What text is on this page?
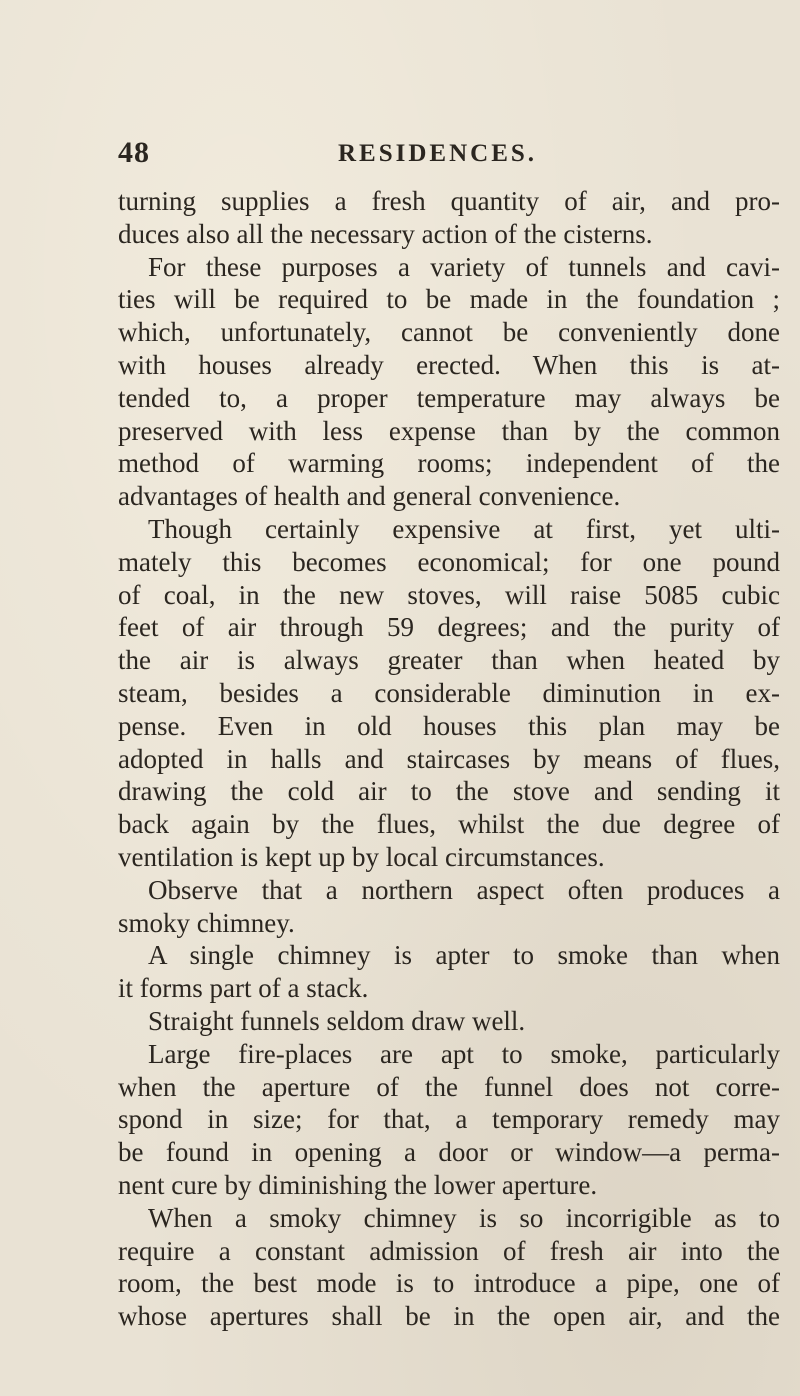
48	RESIDENCES.
turning supplies a fresh quantity of air, and pro-
duces also all the necessary action of the cisterns.
For these purposes a variety of tunnels and cavi-
ties will be required to be made in the foundation ;
which, unfortunately, cannot be conveniently done
with houses already erected. When this is at-
tended to, a proper temperature may always be
preserved with less expense than by the common
method of warming rooms; independent of the
advantages of health and general convenience.
Though certainly expensive at first, yet ulti-
mately this becomes economical; for one pound
of coal, in the new stoves, will raise 5085 cubic
feet of air through 59 degrees; and the purity of
the air is always greater than when heated by
steam, besides a considerable diminution in ex-
pense. Even in old houses this plan may be
adopted in halls and staircases by means of flues,
drawing the cold air to the stove and sending it
back again by the flues, whilst the due degree of
ventilation is kept up by local circumstances.
Observe that a northern aspect often produces a
smoky chimney.
A single chimney is apter to smoke than when
it forms part of a stack.
Straight funnels seldom draw well.
Large fire-places are apt to smoke, particularly
when the aperture of the funnel does not corre-
spond in size; for that, a temporary remedy may
be found in opening a door or window—a perma-
nent cure by diminishing the lower aperture.
When a smoky chimney is so incorrigible as to
require a constant admission of fresh air into the
room, the best mode is to introduce a pipe, one of
whose apertures shall be in the open air, and the
